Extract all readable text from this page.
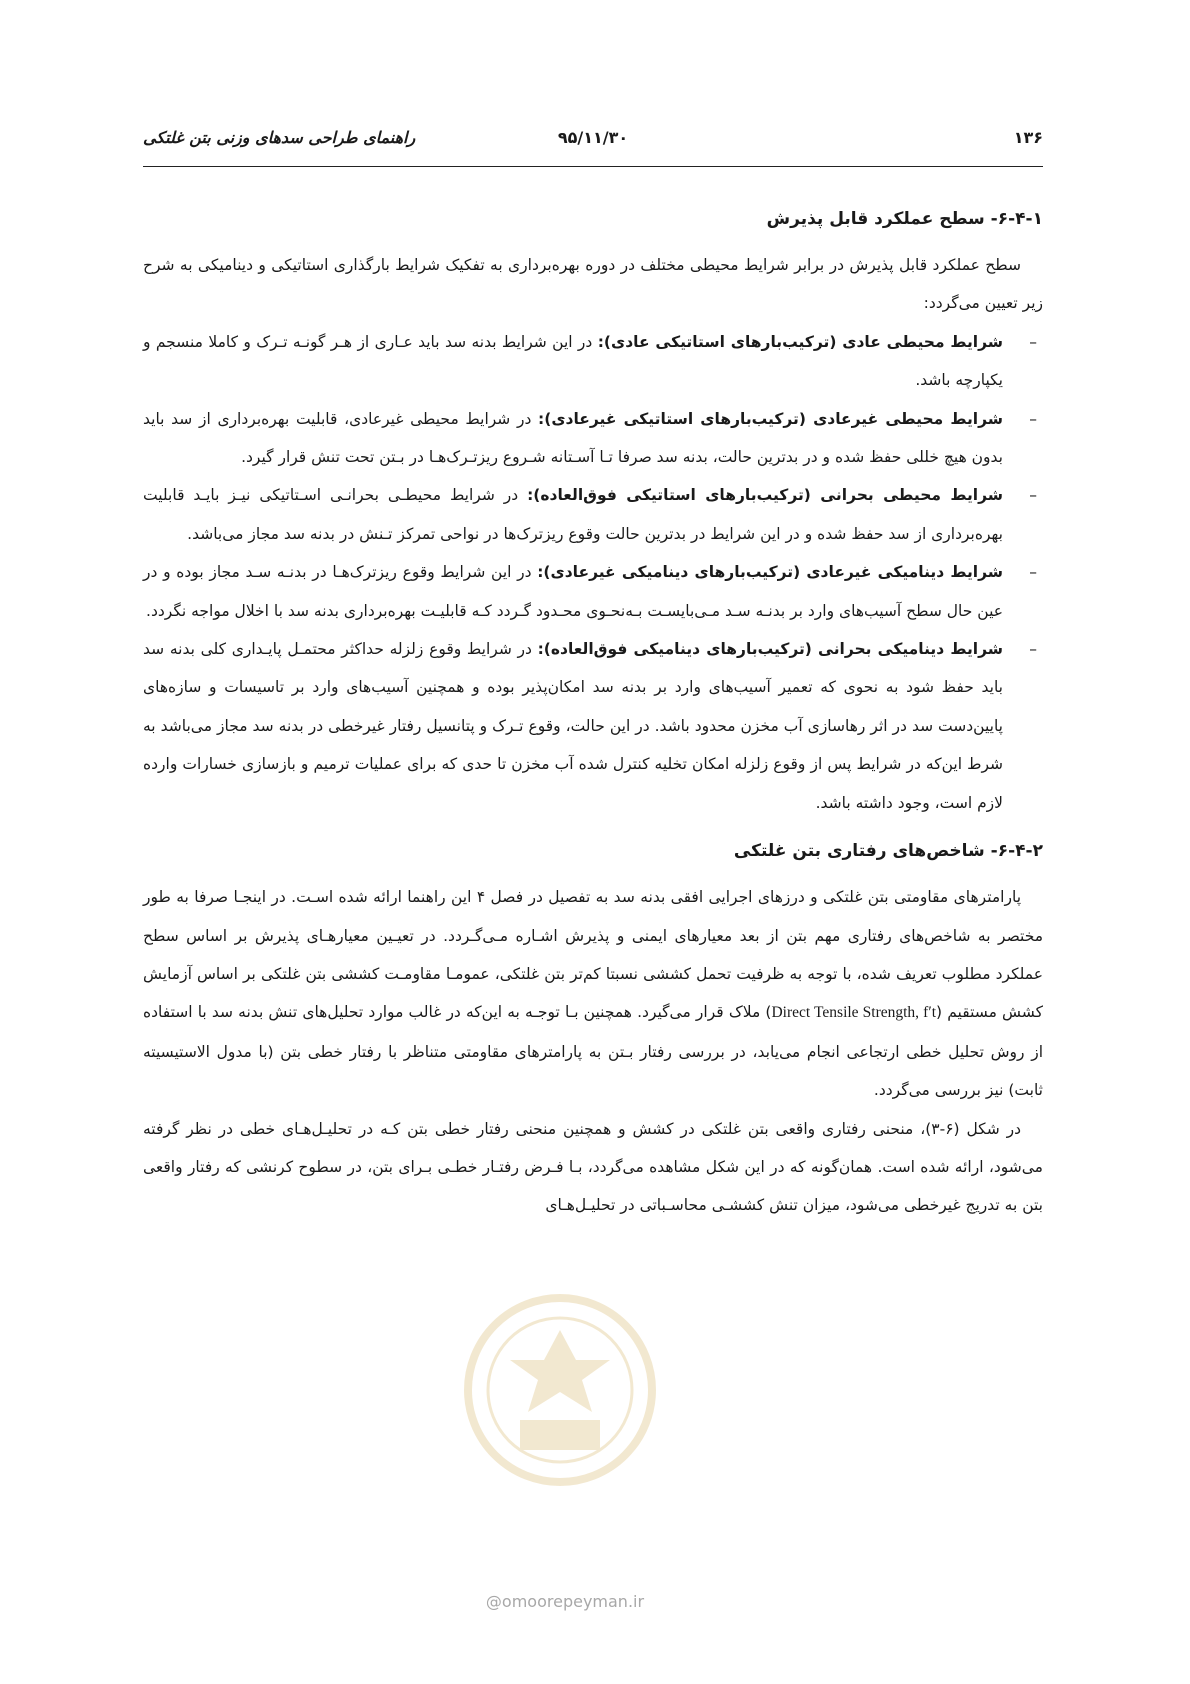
۱۳۶
۹۵/۱۱/۳۰
راهنمای طراحی سدهای وزنی بتن غلتکی
۶-۴-۱- سطح عملکرد قابل پذیرش

سطح عملکرد قابل پذیرش در برابر شرایط محیطی مختلف در دوره بهره‌برداری به تفکیک شرایط بارگذاری استاتیکی و دینامیکی به شرح زیر تعیین می‌گردد:

–
شرایط محیطی عادی (ترکیب‌بارهای استاتیکی عادی): در این شرایط بدنه سد باید عـاری از هـر گونـه تـرک و کاملا منسجم و یکپارچه باشد.
–
شرایط محیطی غیرعادی (ترکیب‌بارهای استاتیکی غیرعادی): در شرایط محیطی غیرعادی، قابلیت بهره‌برداری از سد باید بدون هیچ خللی حفظ شده و در بدترین حالت، بدنه سد صرفا تـا آسـتانه شـروع ریزتـرک‌هـا در بـتن تحت تنش قرار گیرد.
–
شرایط محیطی بحرانی (ترکیب‌بارهای استاتیکی فوق‌العاده): در شرایط محیطـی بحرانـی اسـتاتیکی نیـز بایـد قابلیت بهره‌برداری از سد حفظ شده و در این شرایط در بدترین حالت وقوع ریزترک‌ها در نواحی تمرکز تـنش در بدنه سد مجاز می‌باشد.
–
شرایط دینامیکی غیرعادی (ترکیب‌بارهای دینامیکی غیرعادی): در این شرایط وقوع ریزترک‌هـا در بدنـه سـد مجاز بوده و در عین حال سطح آسیب‌های وارد بر بدنـه سـد مـی‌بایسـت بـه‌نحـوی محـدود گـردد کـه قابلیـت بهره‌برداری بدنه سد با اخلال مواجه نگردد.
–
شرایط دینامیکی بحرانی (ترکیب‌بارهای دینامیکی فوق‌العاده): در شرایط وقوع زلزله حداکثر محتمـل پایـداری کلی بدنه سد باید حفظ شود به نحوی که تعمیر آسیب‌های وارد بر بدنه سد امکان‌پذیر بوده و همچنین آسیب‌های وارد بر تاسیسات و سازه‌های پایین‌دست سد در اثر رهاسازی آب مخزن محدود باشد. در این حالت، وقوع تـرک و پتانسیل رفتار غیرخطی در بدنه سد مجاز می‌باشد به شرط این‌که در شرایط پس از وقوع زلزله امکان تخلیه کنترل شده آب مخزن تا حدی که برای عملیات ترمیم و بازسازی خسارات وارده لازم است، وجود داشته باشد.
۶-۴-۲- شاخص‌های رفتاری بتن غلتکی

پارامترهای مقاومتی بتن غلتکی و درزهای اجرایی افقی بدنه سد به تفصیل در فصل ۴ این راهنما ارائه شده اسـت. در اینجـا صرفا به طور مختصر به شاخص‌های رفتاری مهم بتن از بعد معیارهای ایمنی و پذیرش اشـاره مـی‌گـردد. در تعیـین معیارهـای پذیرش بر اساس سطح عملکرد مطلوب تعریف شده، با توجه به ظرفیت تحمل کششی نسبتا کم‌تر بتن غلتکی، عمومـا مقاومـت کششی بتن غلتکی بر اساس آزمایش کشش مستقیم (Direct Tensile Strength, f′t) ملاک قرار می‌گیرد. همچنین بـا توجـه به این‌که در غالب موارد تحلیل‌های تنش بدنه سد با استفاده از روش تحلیل خطی ارتجاعی انجام می‌یابد، در بررسی رفتار بـتن به پارامترهای مقاومتی متناظر با رفتار خطی بتن (با مدول الاستیسیته ثابت) نیز بررسی می‌گردد.

در شکل (۶-۳)، منحنی رفتاری واقعی بتن غلتکی در کشش و همچنین منحنی رفتار خطی بتن کـه در تحلیـل‌هـای خطی در نظر گرفته می‌شود، ارائه شده است. همان‌گونه که در این شکل مشاهده می‌گردد، بـا فـرض رفتـار خطـی بـرای بتن، در سطوح کرنشی که رفتار واقعی بتن به تدریج غیرخطی می‌شود، میزان تنش کششـی محاسـباتی در تحلیـل‌هـای

@omoorepeyman.ir
